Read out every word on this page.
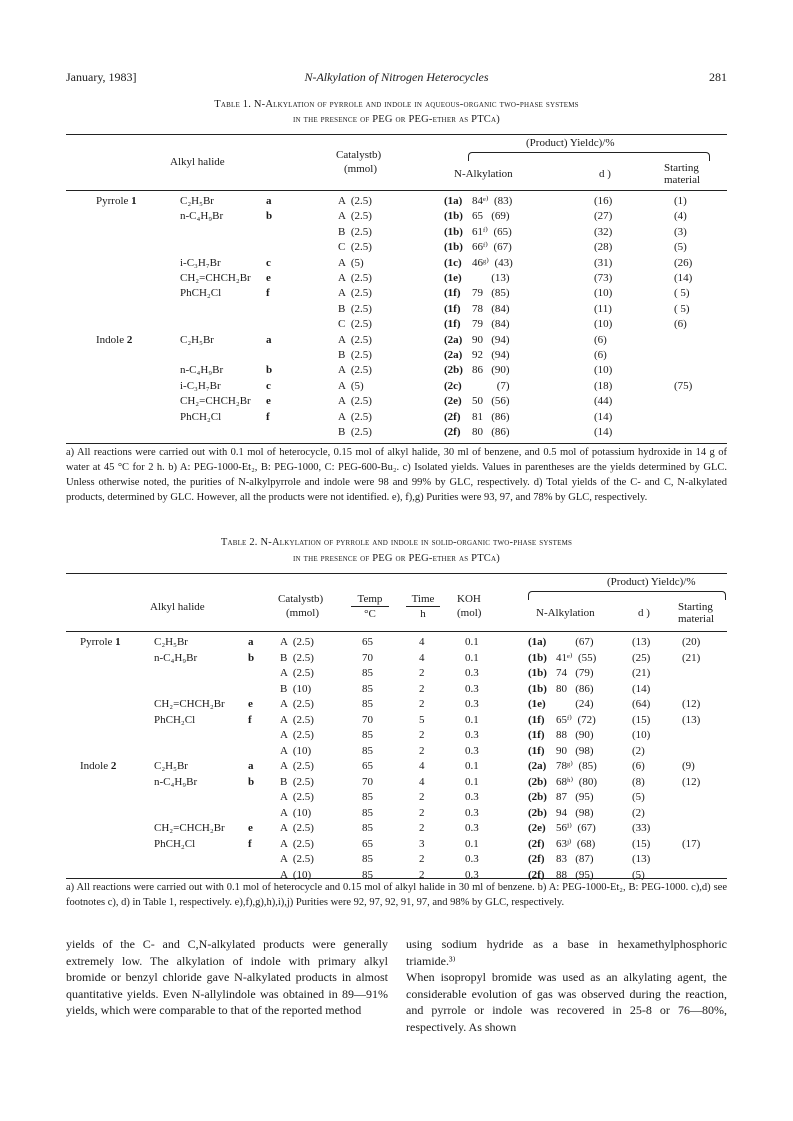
January, 1983]	N-Alkylation of Nitrogen Heterocycles	281
Table 1. N-Alkylation of pyrrole and indole in aqueous-organic two-phase systems
in the presence of PEG or PEG-ether as PTCa)
Alkyl halide
Catalystb)
(mmol)
(Product) Yieldc)/%
N-Alkylation	d )	Starting
material
Pyrrole 1	C₂H₅Br	a	A  (2.5)	(1a) 84ᵉ⁾  (83)	(16)	(1)
n-C₄H₉Br	b	A  (2.5)	(1b) 65   (69)	(27)	(4)
B  (2.5)	(1b) 61ᶠ⁾  (65)	(32)	(3)
C  (2.5)	(1b) 66ᶠ⁾  (67)	(28)	(5)
i-C₃H₇Br	c	A  (5)	(1c) 46ᵍ⁾  (43)	(31)	(26)
CH₂=CHCH₂Br e	A  (2.5)	(1e) (13)	(73)	(14)
PhCH₂Cl	f	A  (2.5)	(1f) 79   (85)	(10)	( 5)
B  (2.5)	(1f) 78   (84)	(11)	( 5)
C  (2.5)	(1f) 79   (84)	(10)	(6)
Indole 2	C₂H₅Br	a	A  (2.5)	(2a) 90   (94)	(6)
B  (2.5)	(2a) 92   (94)	(6)
n-C₄H₉Br	b	A  (2.5)	(2b) 86   (90)	(10)
i-C₃H₇Br	c	A  (5)	(2c) (7)	(18)	(75)
CH₂=CHCH₂Br e	A  (2.5)	(2e) 50   (56)	(44)
PhCH₂Cl	f	A  (2.5)	(2f) 81   (86)	(14)
B  (2.5)	(2f) 80   (86)	(14)
a) All reactions were carried out with 0.1 mol of heterocycle, 0.15 mol of alkyl halide, 30 ml of benzene, and 0.5 mol of potassium hydroxide in 14 g of water at 45 °C for 2 h. b) A: PEG-1000-Et₂, B: PEG-1000, C: PEG-600-Bu₂. c) Isolated yields. Values in parentheses are the yields determined by GLC. Unless otherwise noted, the purities of N-alkylpyrrole and indole were 98 and 99% by GLC, respectively. d) Total yields of the C- and C, N-alkylated products, determined by GLC. However, all the products were not identified. e), f),g) Purities were 93, 97, and 78% by GLC, respectively.
Table 2. N-Alkylation of pyrrole and indole in solid-organic two-phase systems
in the presence of PEG or PEG-ether as PTCa)
Alkyl halide
Catalystb)
(mmol)
Temp
°C
Time
h
KOH
(mol)
(Product) Yieldc)/%
N-Alkylation	d )	Starting
material
Pyrrole 1	C₂H₅Br	a A  (2.5)	65	4	0.1	(1a) (67)	(13)	(20)
n-C₄H₉Br	b B  (2.5)	70	4	0.1	(1b) 41ᵉ⁾  (55)	(25)	(21)
A  (2.5)	85	2	0.3	(1b) 74   (79)	(21)
B  (10)	85	2	0.3	(1b) 80   (86)	(14)
CH₂=CHCH₂Br e A  (2.5)	85	2	0.3	(1e) (24)	(64)	(12)
PhCH₂Cl	f	A  (2.5)	70	5	0.1	(1f) 65ᶠ⁾  (72)	(15)	(13)
A  (2.5)	85	2	0.3	(1f) 88   (90)	(10)
A  (10)	85	2	0.3	(1f) 90   (98)	(2)
Indole 2	C₂H₅Br	a A  (2.5)	65	4	0.1	(2a) 78ᵍ⁾  (85)	(6)	(9)
n-C₄H₉Br	b B  (2.5)	70	4	0.1	(2b) 68ʰ⁾  (80)	(8)	(12)
A  (2.5)	85	2	0.3	(2b) 87   (95)	(5)
A  (10)	85	2	0.3	(2b) 94   (98)	(2)
CH₂=CHCH₂Br e A  (2.5)	85	2	0.3	(2e) 56ⁱ⁾  (67)	(33)
PhCH₂Cl	f	A  (2.5)	65	3	0.1	(2f) 63ʲ⁾  (68)	(15)	(17)
A  (2.5)	85	2	0.3	(2f) 83   (87)	(13)
A  (10)	85	2	0.3	(2f) 88   (95)	(5)
a) All reactions were carried out with 0.1 mol of heterocycle and 0.15 mol of alkyl halide in 30 ml of benzene. b) A: PEG-1000-Et₂, B: PEG-1000. c),d) see footnotes c), d) in Table 1, respectively. e),f),g),h),i),j) Purities were 92, 97, 92, 91, 97, and 98% by GLC, respectively.
yields of the C- and C,N-alkylated products were generally extremely low. The alkylation of indole with primary alkyl bromide or benzyl chloride gave N-alkylated products in almost quantitative yields. Even N-allylindole was obtained in 89—91% yields, which were comparable to that of the reported method
using sodium hydride as a base in hexamethylphosphoric triamide.³⁾
When isopropyl bromide was used as an alkylating agent, the considerable evolution of gas was observed during the reaction, and pyrrole or indole was recovered in 25-8 or 76—80%, respectively. As shown
